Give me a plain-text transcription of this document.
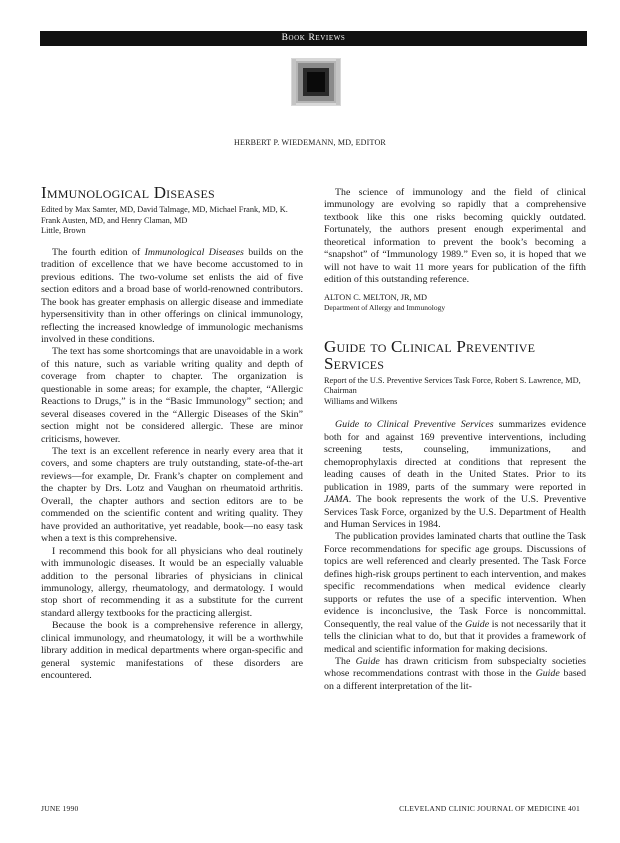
Book Reviews
HERBERT P. WIEDEMANN, MD, EDITOR
Immunological Diseases
Edited by Max Samter, MD, David Talmage, MD, Michael Frank, MD, K. Frank Austen, MD, and Henry Claman, MD
Little, Brown

The fourth edition of Immunological Diseases builds on the tradition of excellence that we have become accustomed to in previous editions. The two-volume set enlists the aid of five section editors and a broad base of world-renowned contributors. The book has greater emphasis on allergic disease and immediate hypersensitivity than in other offerings on clinical immunology, reflecting the increased knowledge of immunologic mechanisms involved in these conditions.

The text has some shortcomings that are unavoidable in a work of this nature, such as variable writing quality and depth of coverage from chapter to chapter. The organization is questionable in some areas; for example, the chapter, “Allergic Reactions to Drugs,” is in the “Basic Immunology” section; and several diseases covered in the “Allergic Diseases of the Skin” section might not be considered allergic. These are minor criticisms, however.

The text is an excellent reference in nearly every area that it covers, and some chapters are truly outstanding, state-of-the-art reviews—for example, Dr. Frank’s chapter on complement and the chapter by Drs. Lotz and Vaughan on rheumatoid arthritis. Overall, the chapter authors and section editors are to be commended on the scientific content and writing quality. They have provided an authoritative, yet readable, book—no easy task when a text is this comprehensive.

I recommend this book for all physicians who deal routinely with immunologic diseases. It would be an especially valuable addition to the personal libraries of physicians in clinical immunology, allergy, rheumatology, and dermatology. I would stop short of recommending it as a substitute for the current standard allergy textbooks for the practicing allergist.

Because the book is a comprehensive reference in allergy, clinical immunology, and rheumatology, it will be a worthwhile library addition in medical departments where organ-specific and general systemic manifestations of these disorders are encountered.

The science of immunology and the field of clinical immunology are evolving so rapidly that a comprehensive textbook like this one risks becoming quickly outdated. Fortunately, the authors present enough experimental and theoretical information to prevent the book’s becoming a “snapshot” of “Immunology 1989.” Even so, it is hoped that we will not have to wait 11 more years for publication of the fifth edition of this outstanding reference.

ALTON C. MELTON, JR, MD
Department of Allergy and Immunology
Guide to Clinical Preventive Services
Report of the U.S. Preventive Services Task Force, Robert S. Lawrence, MD, Chairman
Williams and Wilkens

Guide to Clinical Preventive Services summarizes evidence both for and against 169 preventive interventions, including screening tests, counseling, immunizations, and chemoprophylaxis directed at conditions that represent the leading causes of death in the United States. Prior to its publication in 1989, parts of the summary were reported in JAMA. The book represents the work of the U.S. Preventive Services Task Force, organized by the U.S. Department of Health and Human Services in 1984.

The publication provides laminated charts that outline the Task Force recommendations for specific age groups. Discussions of topics are well referenced and clearly presented. The Task Force defines high-risk groups pertinent to each intervention, and makes specific recommendations when medical evidence clearly supports or refutes the use of a specific intervention. When evidence is inconclusive, the Task Force is noncommittal. Consequently, the real value of the Guide is not necessarily that it tells the clinician what to do, but that it provides a framework of medical and scientific information for making decisions.

The Guide has drawn criticism from subspecialty societies whose recommendations contrast with those in the Guide based on a different interpretation of the lit-

JUNE 1990	CLEVELAND CLINIC JOURNAL OF MEDICINE 401
